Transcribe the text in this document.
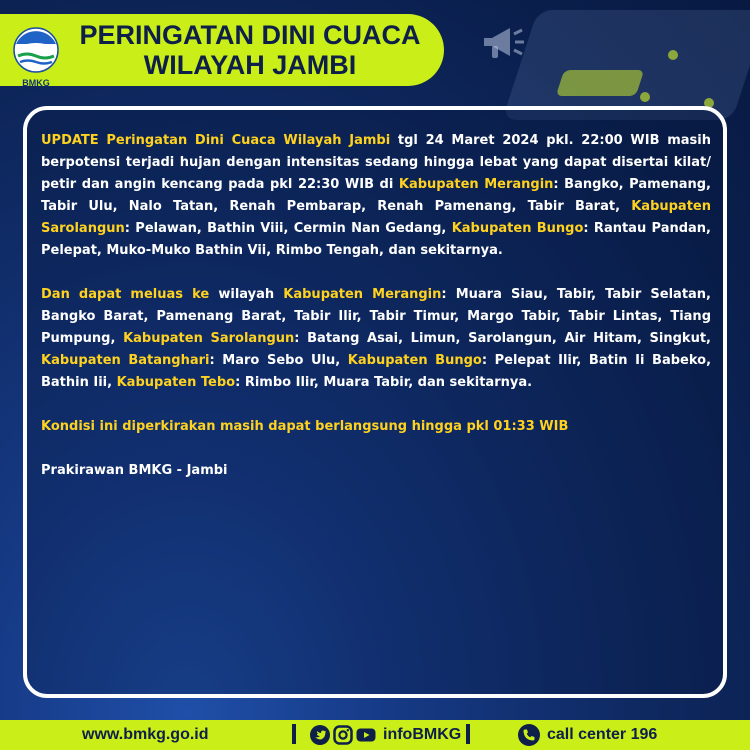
BMKG
PERINGATAN DINI CUACA
WILAYAH JAMBI

UPDATE Peringatan Dini Cuaca Wilayah Jambi tgl 24 Maret 2024 pkl. 22:00 WIB masih berpotensi terjadi hujan dengan intensitas sedang hingga lebat yang dapat disertai kilat/ petir dan angin kencang pada pkl 22:30 WIB di Kabupaten Merangin: Bangko, Pamenang, Tabir Ulu, Nalo Tatan, Renah Pembarap, Renah Pamenang, Tabir Barat, Kabupaten Sarolangun: Pelawan, Bathin Viii, Cermin Nan Gedang, Kabupaten Bungo: Rantau Pandan, Pelepat, Muko-Muko Bathin Vii, Rimbo Tengah, dan sekitarnya.

Dan dapat meluas ke wilayah Kabupaten Merangin: Muara Siau, Tabir, Tabir Selatan, Bangko Barat, Pamenang Barat, Tabir Ilir, Tabir Timur, Margo Tabir, Tabir Lintas, Tiang Pumpung, Kabupaten Sarolangun: Batang Asai, Limun, Sarolangun, Air Hitam, Singkut, Kabupaten Batanghari: Maro Sebo Ulu, Kabupaten Bungo: Pelepat Ilir, Batin Ii Babeko, Bathin Iii, Kabupaten Tebo: Rimbo Ilir, Muara Tabir, dan sekitarnya.

Kondisi ini diperkirakan masih dapat berlangsung hingga pkl 01:33 WIB

Prakirawan BMKG - Jambi

www.bmkg.go.id	infoBMKG	call center 196
